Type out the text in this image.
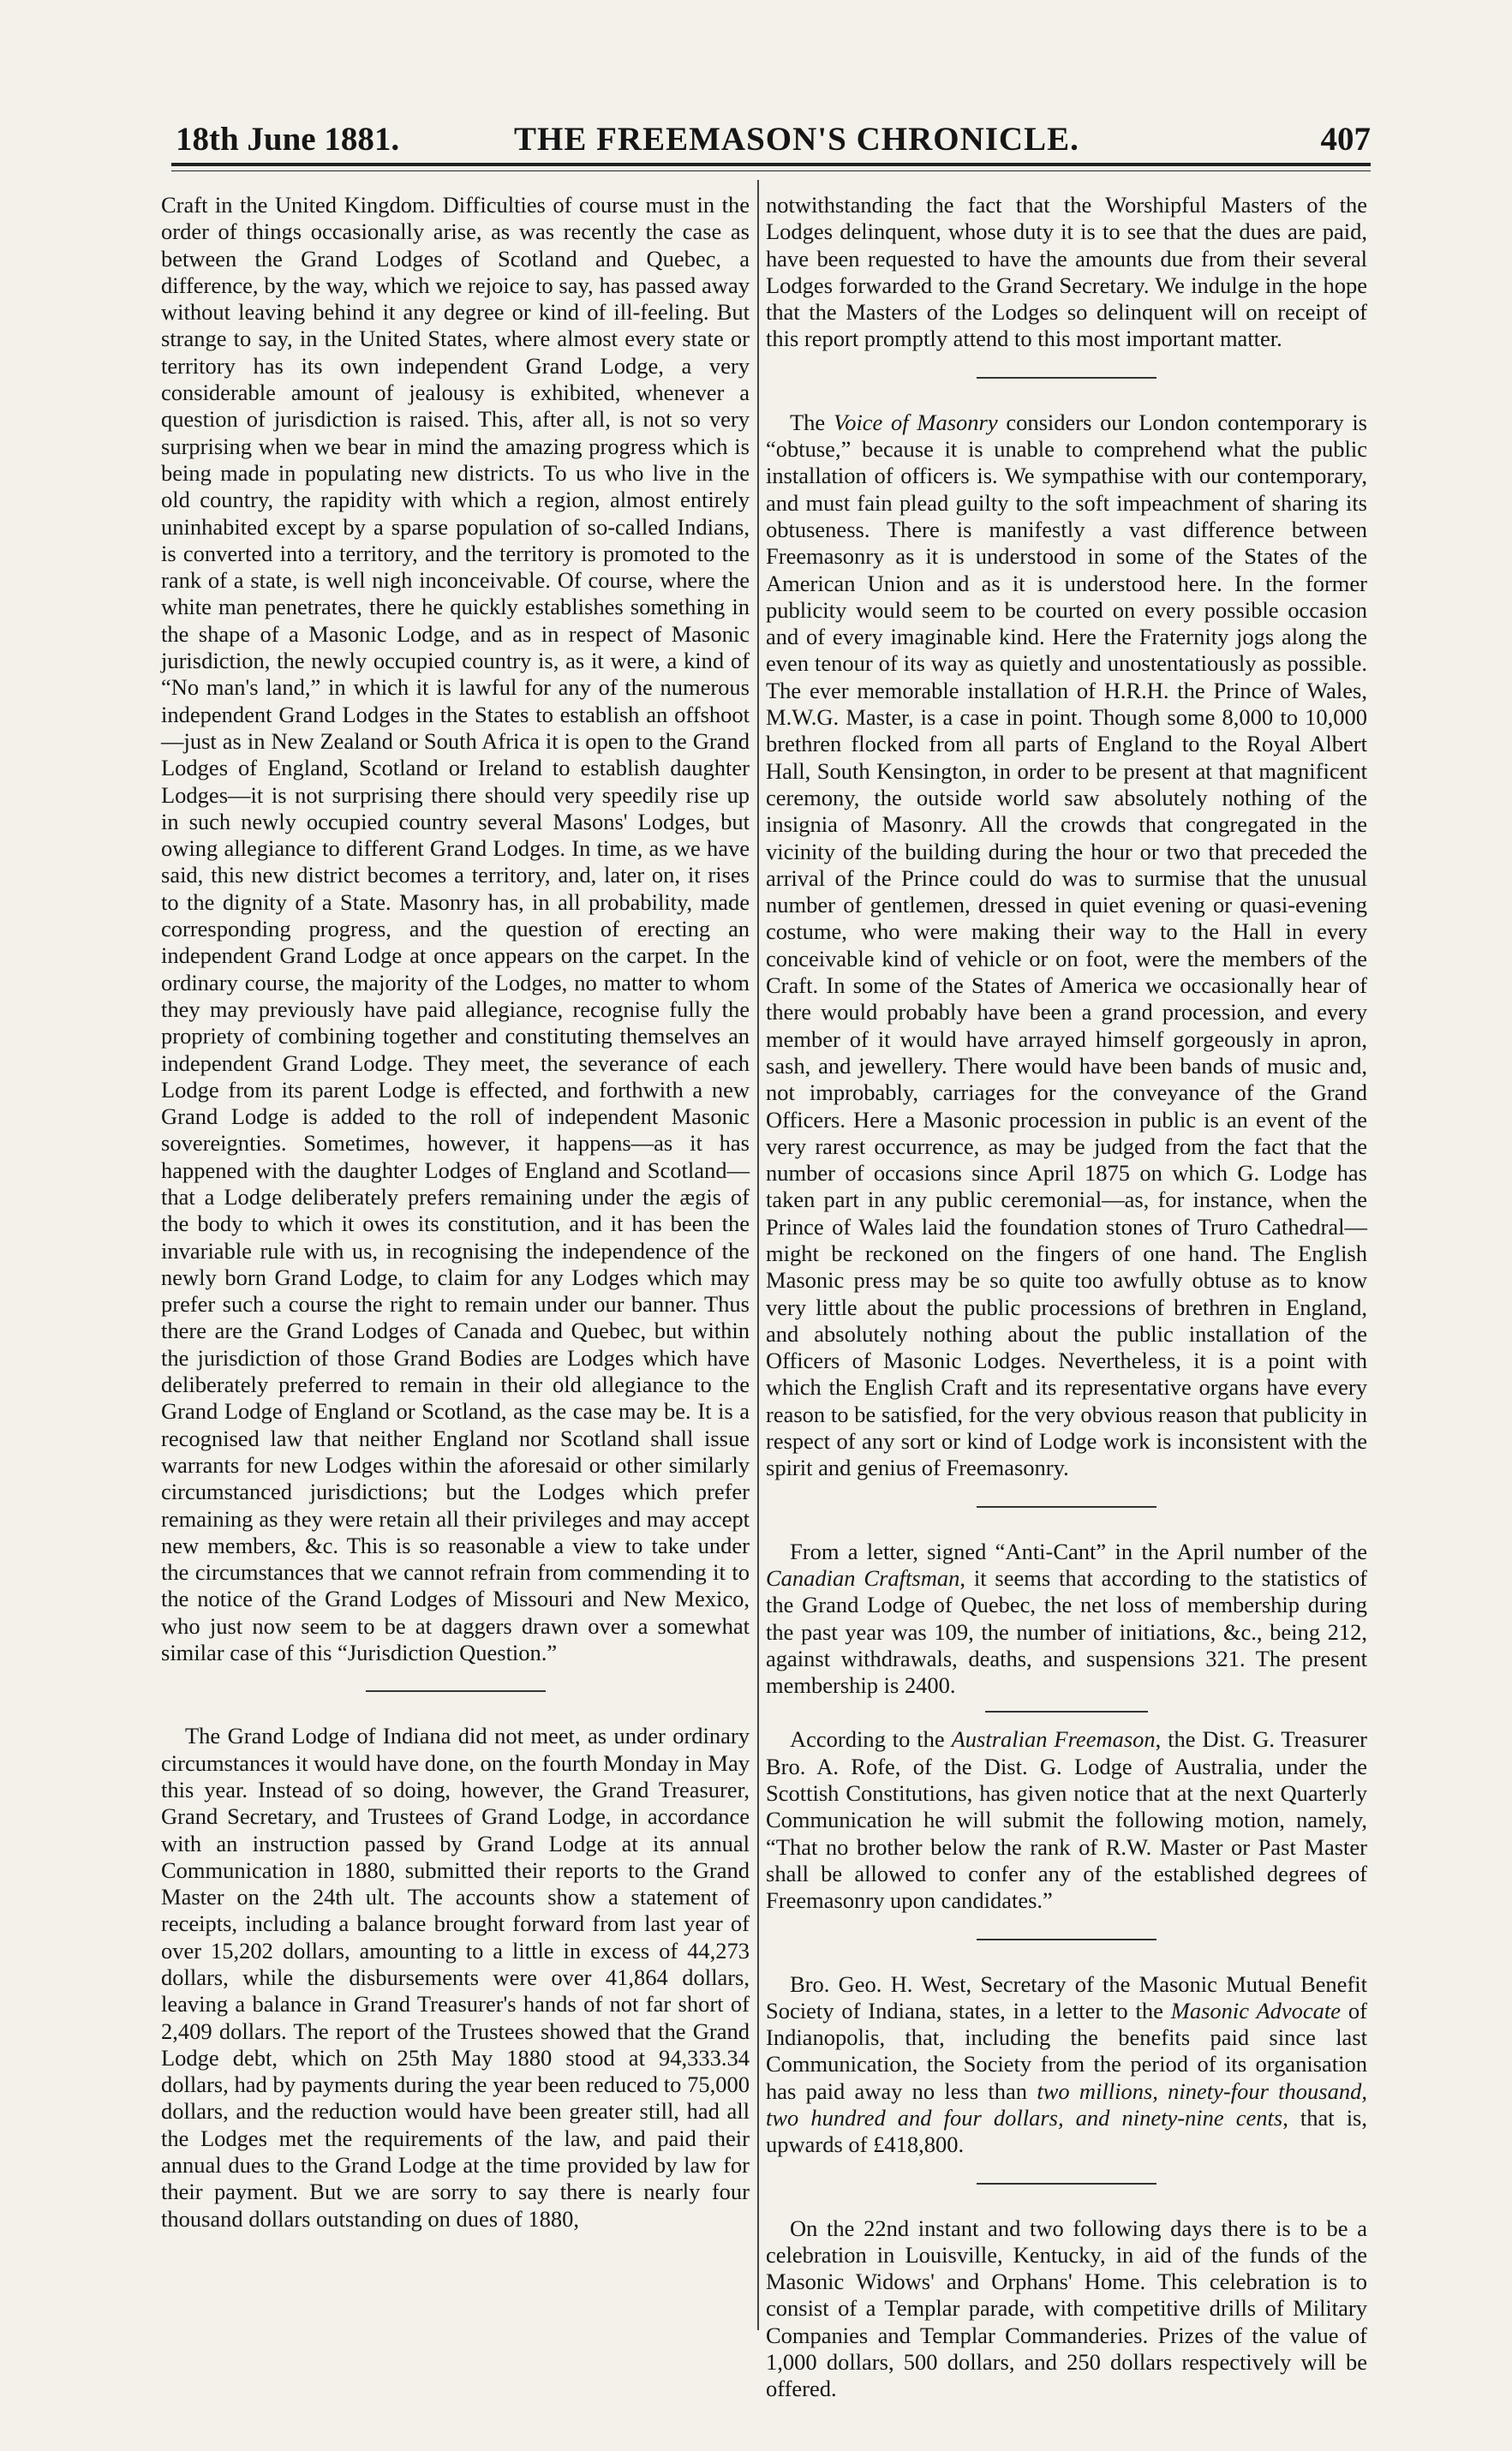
18th June 1881.	THE FREEMASON'S CHRONICLE.	407

Craft in the United Kingdom. Difficulties of course must in the order of things occasionally arise, as was recently the case as between the Grand Lodges of Scotland and Quebec, a difference, by the way, which we rejoice to say, has passed away without leaving behind it any degree or kind of ill-feeling. But strange to say, in the United States, where almost every state or territory has its own independent Grand Lodge, a very considerable amount of jealousy is exhibited, whenever a question of jurisdiction is raised. This, after all, is not so very surprising when we bear in mind the amazing progress which is being made in populating new districts. To us who live in the old country, the rapidity with which a region, almost entirely uninhabited except by a sparse population of so-called Indians, is converted into a territory, and the territory is promoted to the rank of a state, is well nigh inconceivable. Of course, where the white man penetrates, there he quickly establishes something in the shape of a Masonic Lodge, and as in respect of Masonic jurisdiction, the newly occupied country is, as it were, a kind of “No man's land,” in which it is lawful for any of the numerous independent Grand Lodges in the States to establish an offshoot—just as in New Zealand or South Africa it is open to the Grand Lodges of England, Scotland or Ireland to establish daughter Lodges—it is not surprising there should very speedily rise up in such newly occupied country several Masons' Lodges, but owing allegiance to different Grand Lodges. In time, as we have said, this new district becomes a territory, and, later on, it rises to the dignity of a State. Masonry has, in all probability, made corresponding progress, and the question of erecting an independent Grand Lodge at once appears on the carpet. In the ordinary course, the majority of the Lodges, no matter to whom they may previously have paid allegiance, recognise fully the propriety of combining together and constituting themselves an independent Grand Lodge. They meet, the severance of each Lodge from its parent Lodge is effected, and forthwith a new Grand Lodge is added to the roll of independent Masonic sovereignties. Sometimes, however, it happens—as it has happened with the daughter Lodges of England and Scotland—that a Lodge deliberately prefers remaining under the ægis of the body to which it owes its constitution, and it has been the invariable rule with us, in recognising the independence of the newly born Grand Lodge, to claim for any Lodges which may prefer such a course the right to remain under our banner. Thus there are the Grand Lodges of Canada and Quebec, but within the jurisdiction of those Grand Bodies are Lodges which have deliberately preferred to remain in their old allegiance to the Grand Lodge of England or Scotland, as the case may be. It is a recognised law that neither England nor Scotland shall issue warrants for new Lodges within the aforesaid or other similarly circumstanced jurisdictions; but the Lodges which prefer remaining as they were retain all their privileges and may accept new members, &c. This is so reasonable a view to take under the circumstances that we cannot refrain from commending it to the notice of the Grand Lodges of Missouri and New Mexico, who just now seem to be at daggers drawn over a somewhat similar case of this “Jurisdiction Question.”

The Grand Lodge of Indiana did not meet, as under ordinary circumstances it would have done, on the fourth Monday in May this year. Instead of so doing, however, the Grand Treasurer, Grand Secretary, and Trustees of Grand Lodge, in accordance with an instruction passed by Grand Lodge at its annual Communication in 1880, submitted their reports to the Grand Master on the 24th ult. The accounts show a statement of receipts, including a balance brought forward from last year of over 15,202 dollars, amounting to a little in excess of 44,273 dollars, while the disbursements were over 41,864 dollars, leaving a balance in Grand Treasurer's hands of not far short of 2,409 dollars. The report of the Trustees showed that the Grand Lodge debt, which on 25th May 1880 stood at 94,333.34 dollars, had by payments during the year been reduced to 75,000 dollars, and the reduction would have been greater still, had all the Lodges met the requirements of the law, and paid their annual dues to the Grand Lodge at the time provided by law for their payment. But we are sorry to say there is nearly four thousand dollars outstanding on dues of 1880,

notwithstanding the fact that the Worshipful Masters of the Lodges delinquent, whose duty it is to see that the dues are paid, have been requested to have the amounts due from their several Lodges forwarded to the Grand Secretary. We indulge in the hope that the Masters of the Lodges so delinquent will on receipt of this report promptly attend to this most important matter.

The Voice of Masonry considers our London contemporary is “obtuse,” because it is unable to comprehend what the public installation of officers is. We sympathise with our contemporary, and must fain plead guilty to the soft impeachment of sharing its obtuseness. There is manifestly a vast difference between Freemasonry as it is understood in some of the States of the American Union and as it is understood here. In the former publicity would seem to be courted on every possible occasion and of every imaginable kind. Here the Fraternity jogs along the even tenour of its way as quietly and unostentatiously as possible. The ever memorable installation of H.R.H. the Prince of Wales, M.W.G. Master, is a case in point. Though some 8,000 to 10,000 brethren flocked from all parts of England to the Royal Albert Hall, South Kensington, in order to be present at that magnificent ceremony, the outside world saw absolutely nothing of the insignia of Masonry. All the crowds that congregated in the vicinity of the building during the hour or two that preceded the arrival of the Prince could do was to surmise that the unusual number of gentlemen, dressed in quiet evening or quasi-evening costume, who were making their way to the Hall in every conceivable kind of vehicle or on foot, were the members of the Craft. In some of the States of America we occasionally hear of there would probably have been a grand procession, and every member of it would have arrayed himself gorgeously in apron, sash, and jewellery. There would have been bands of music and, not improbably, carriages for the conveyance of the Grand Officers. Here a Masonic procession in public is an event of the very rarest occurrence, as may be judged from the fact that the number of occasions since April 1875 on which G. Lodge has taken part in any public ceremonial—as, for instance, when the Prince of Wales laid the foundation stones of Truro Cathedral—might be reckoned on the fingers of one hand. The English Masonic press may be so quite too awfully obtuse as to know very little about the public processions of brethren in England, and absolutely nothing about the public installation of the Officers of Masonic Lodges. Nevertheless, it is a point with which the English Craft and its representative organs have every reason to be satisfied, for the very obvious reason that publicity in respect of any sort or kind of Lodge work is inconsistent with the spirit and genius of Freemasonry.

From a letter, signed “Anti-Cant” in the April number of the Canadian Craftsman, it seems that according to the statistics of the Grand Lodge of Quebec, the net loss of membership during the past year was 109, the number of initiations, &c., being 212, against withdrawals, deaths, and suspensions 321. The present membership is 2400.

According to the Australian Freemason, the Dist. G. Treasurer Bro. A. Rofe, of the Dist. G. Lodge of Australia, under the Scottish Constitutions, has given notice that at the next Quarterly Communication he will submit the following motion, namely, “That no brother below the rank of R.W. Master or Past Master shall be allowed to confer any of the established degrees of Freemasonry upon candidates.”

Bro. Geo. H. West, Secretary of the Masonic Mutual Benefit Society of Indiana, states, in a letter to the Masonic Advocate of Indianopolis, that, including the benefits paid since last Communication, the Society from the period of its organisation has paid away no less than two millions, ninety-four thousand, two hundred and four dollars, and ninety-nine cents, that is, upwards of £418,800.

On the 22nd instant and two following days there is to be a celebration in Louisville, Kentucky, in aid of the funds of the Masonic Widows' and Orphans' Home. This celebration is to consist of a Templar parade, with competitive drills of Military Companies and Templar Commanderies. Prizes of the value of 1,000 dollars, 500 dollars, and 250 dollars respectively will be offered.
